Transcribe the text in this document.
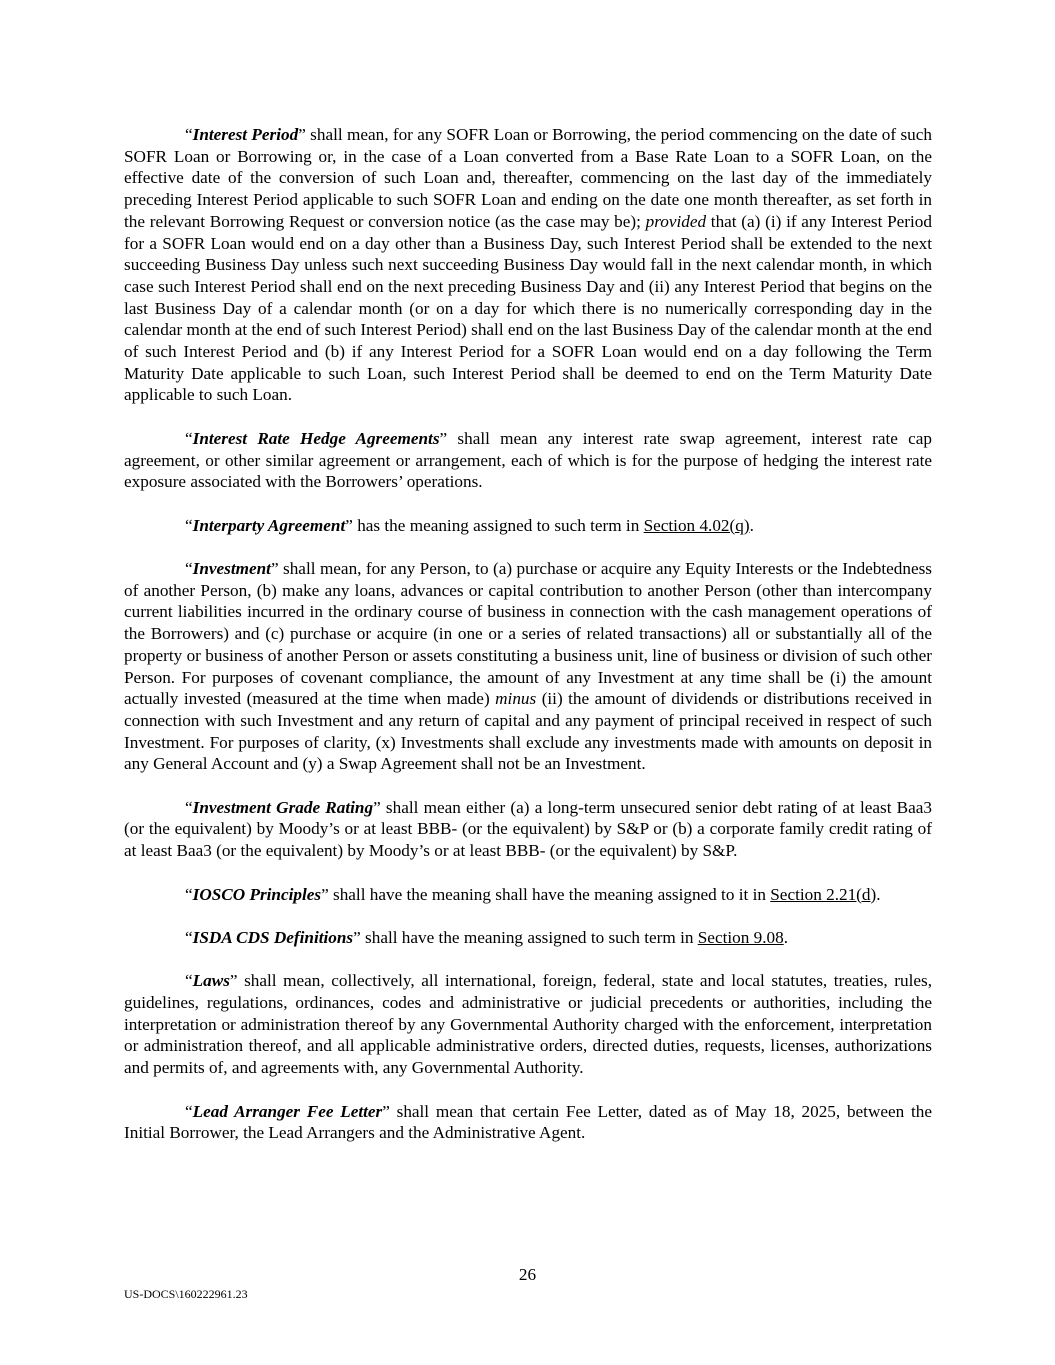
“Interest Period” shall mean, for any SOFR Loan or Borrowing, the period commencing on the date of such SOFR Loan or Borrowing or, in the case of a Loan converted from a Base Rate Loan to a SOFR Loan, on the effective date of the conversion of such Loan and, thereafter, commencing on the last day of the immediately preceding Interest Period applicable to such SOFR Loan and ending on the date one month thereafter, as set forth in the relevant Borrowing Request or conversion notice (as the case may be); provided that (a) (i) if any Interest Period for a SOFR Loan would end on a day other than a Business Day, such Interest Period shall be extended to the next succeeding Business Day unless such next succeeding Business Day would fall in the next calendar month, in which case such Interest Period shall end on the next preceding Business Day and (ii) any Interest Period that begins on the last Business Day of a calendar month (or on a day for which there is no numerically corresponding day in the calendar month at the end of such Interest Period) shall end on the last Business Day of the calendar month at the end of such Interest Period and (b) if any Interest Period for a SOFR Loan would end on a day following the Term Maturity Date applicable to such Loan, such Interest Period shall be deemed to end on the Term Maturity Date applicable to such Loan.

“Interest Rate Hedge Agreements” shall mean any interest rate swap agreement, interest rate cap agreement, or other similar agreement or arrangement, each of which is for the purpose of hedging the interest rate exposure associated with the Borrowers’ operations.

“Interparty Agreement” has the meaning assigned to such term in Section 4.02(q).

“Investment” shall mean, for any Person, to (a) purchase or acquire any Equity Interests or the Indebtedness of another Person, (b) make any loans, advances or capital contribution to another Person (other than intercompany current liabilities incurred in the ordinary course of business in connection with the cash management operations of the Borrowers) and (c) purchase or acquire (in one or a series of related transactions) all or substantially all of the property or business of another Person or assets constituting a business unit, line of business or division of such other Person. For purposes of covenant compliance, the amount of any Investment at any time shall be (i) the amount actually invested (measured at the time when made) minus (ii) the amount of dividends or distributions received in connection with such Investment and any return of capital and any payment of principal received in respect of such Investment. For purposes of clarity, (x) Investments shall exclude any investments made with amounts on deposit in any General Account and (y) a Swap Agreement shall not be an Investment.

“Investment Grade Rating” shall mean either (a) a long-term unsecured senior debt rating of at least Baa3 (or the equivalent) by Moody’s or at least BBB- (or the equivalent) by S&P or (b) a corporate family credit rating of at least Baa3 (or the equivalent) by Moody’s or at least BBB- (or the equivalent) by S&P.

“IOSCO Principles” shall have the meaning shall have the meaning assigned to it in Section 2.21(d).

“ISDA CDS Definitions” shall have the meaning assigned to such term in Section 9.08.

“Laws” shall mean, collectively, all international, foreign, federal, state and local statutes, treaties, rules, guidelines, regulations, ordinances, codes and administrative or judicial precedents or authorities, including the interpretation or administration thereof by any Governmental Authority charged with the enforcement, interpretation or administration thereof, and all applicable administrative orders, directed duties, requests, licenses, authorizations and permits of, and agreements with, any Governmental Authority.

“Lead Arranger Fee Letter” shall mean that certain Fee Letter, dated as of May 18, 2025, between the Initial Borrower, the Lead Arrangers and the Administrative Agent.

26
US-DOCS\160222961.23
